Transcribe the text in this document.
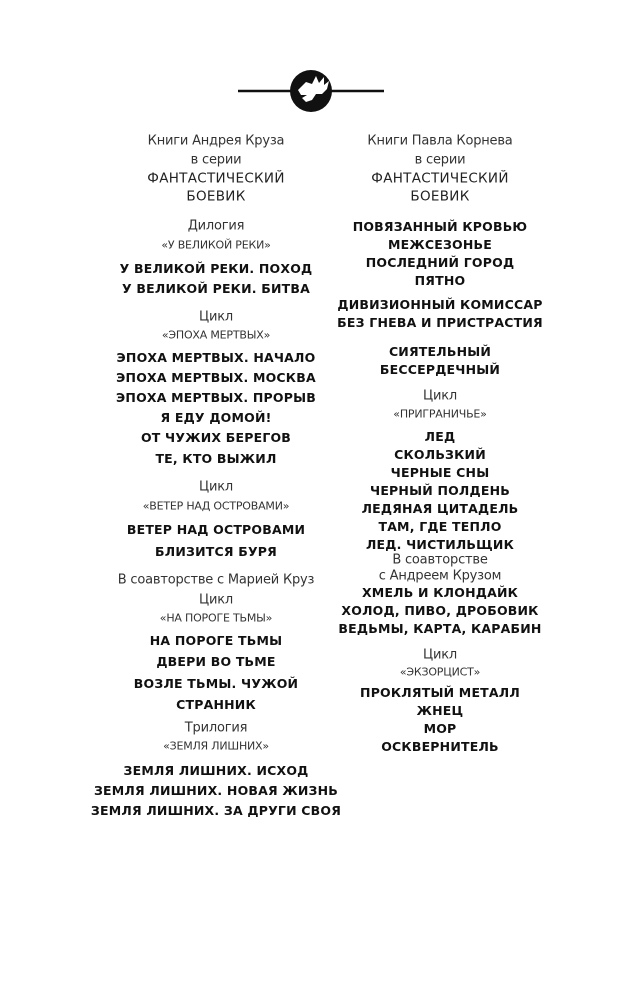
Книги Андрея Круза
в серии
ФАНТАСТИЧЕСКИЙ
БОЕВИК
Дилогия
«У ВЕЛИКОЙ РЕКИ»
У ВЕЛИКОЙ РЕКИ. ПОХОД
У ВЕЛИКОЙ РЕКИ. БИТВА
Цикл
«ЭПОХА МЕРТВЫХ»
ЭПОХА МЕРТВЫХ. НАЧАЛО
ЭПОХА МЕРТВЫХ. МОСКВА
ЭПОХА МЕРТВЫХ. ПРОРЫВ
Я ЕДУ ДОМОЙ!
ОТ ЧУЖИХ БЕРЕГОВ
ТЕ, КТО ВЫЖИЛ
Цикл
«ВЕТЕР НАД ОСТРОВАМИ»
ВЕТЕР НАД ОСТРОВАМИ
БЛИЗИТСЯ БУРЯ
В соавторстве с Марией Круз
Цикл
«НА ПОРОГЕ ТЬМЫ»
НА ПОРОГЕ ТЬМЫ
ДВЕРИ ВО ТЬМЕ
ВОЗЛЕ ТЬМЫ. ЧУЖОЙ
СТРАННИК
Трилогия
«ЗЕМЛЯ ЛИШНИХ»
ЗЕМЛЯ ЛИШНИХ. ИСХОД
ЗЕМЛЯ ЛИШНИХ. НОВАЯ ЖИЗНЬ
ЗЕМЛЯ ЛИШНИХ. ЗА ДРУГИ СВОЯ
Книги Павла Корнева
в серии
ФАНТАСТИЧЕСКИЙ
БОЕВИК
ПОВЯЗАННЫЙ КРОВЬЮ
МЕЖСЕЗОНЬЕ
ПОСЛЕДНИЙ ГОРОД
ПЯТНО
ДИВИЗИОННЫЙ КОМИССАР
БЕЗ ГНЕВА И ПРИСТРАСТИЯ
СИЯТЕЛЬНЫЙ
БЕССЕРДЕЧНЫЙ
Цикл
«ПРИГРАНИЧЬЕ»
ЛЕД
СКОЛЬЗКИЙ
ЧЕРНЫЕ СНЫ
ЧЕРНЫЙ ПОЛДЕНЬ
ЛЕДЯНАЯ ЦИТАДЕЛЬ
ТАМ, ГДЕ ТЕПЛО
ЛЕД. ЧИСТИЛЬЩИК
В соавторстве
с Андреем Крузом
ХМЕЛЬ И КЛОНДАЙК
ХОЛОД, ПИВО, ДРОБОВИК
ВЕДЬМЫ, КАРТА, КАРАБИН
Цикл
«ЭКЗОРЦИСТ»
ПРОКЛЯТЫЙ МЕТАЛЛ
ЖНЕЦ
МОР
ОСКВЕРНИТЕЛЬ
